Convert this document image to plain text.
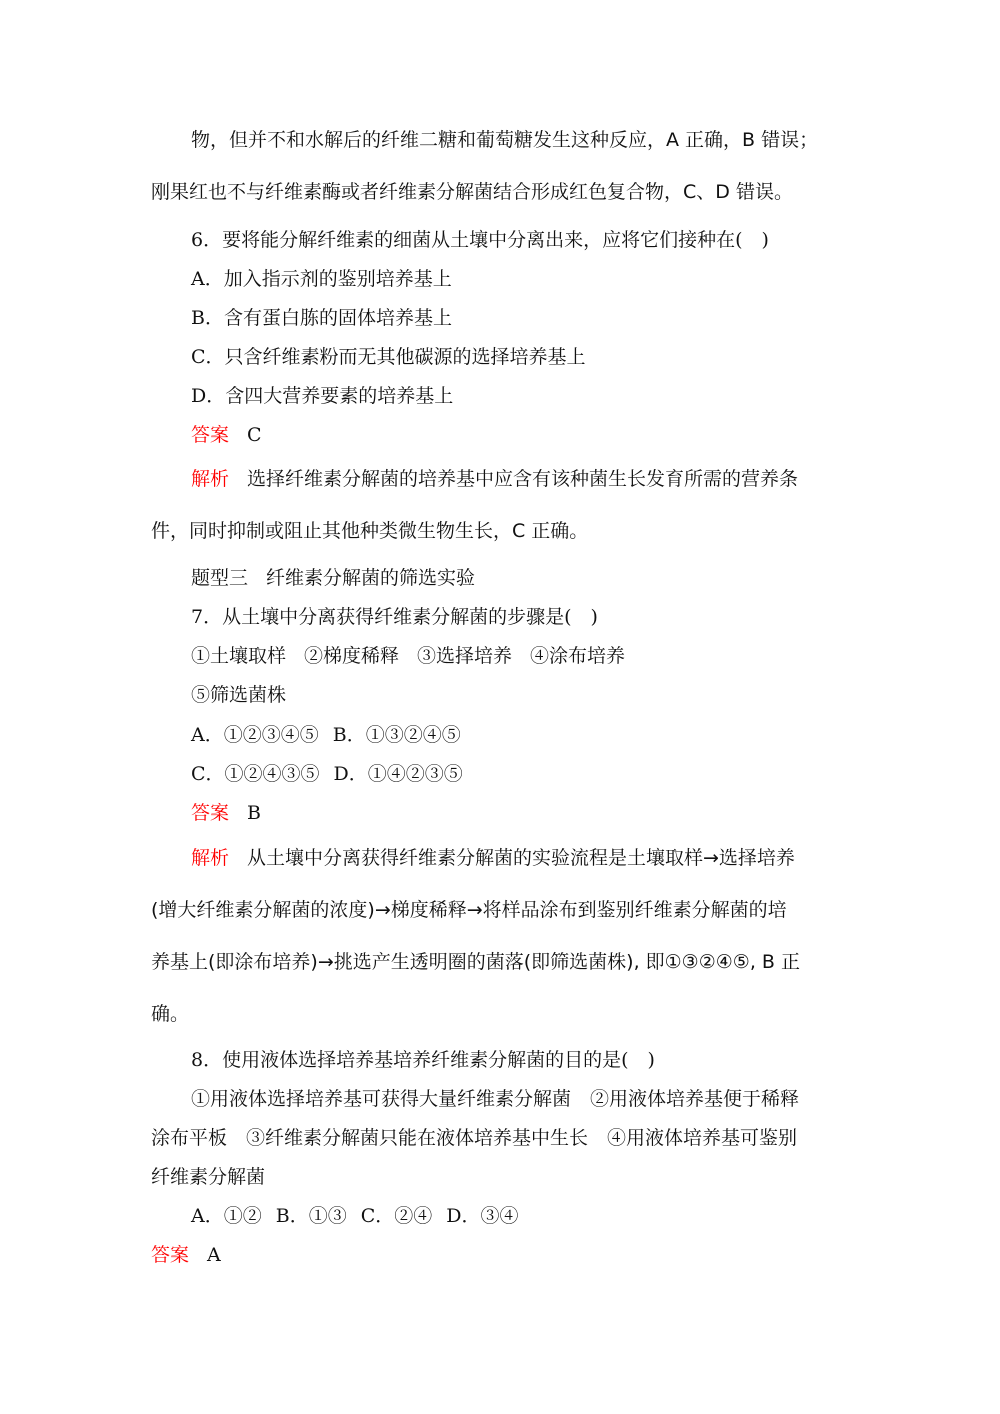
物，但并不和水解后的纤维二糖和葡萄糖发生这种反应，A 正确，B 错误；
刚果红也不与纤维素酶或者纤维素分解菌结合形成红色复合物，C、D 错误。
6．要将能分解纤维素的细菌从土壤中分离出来，应将它们接种在(　)
A．加入指示剂的鉴别培养基上
B．含有蛋白胨的固体培养基上
C．只含纤维素粉而无其他碳源的选择培养基上
D．含四大营养要素的培养基上
答案 C
解析 选择纤维素分解菌的培养基中应含有该种菌生长发育所需的营养条
件，同时抑制或阻止其他种类微生物生长，C 正确。
题型三 纤维素分解菌的筛选实验
7．从土壤中分离获得纤维素分解菌的步骤是(　)
①土壤取样 ②梯度稀释 ③选择培养 ④涂布培养
⑤筛选菌株
A．①②③④⑤ B．①③②④⑤
C．①②④③⑤ D．①④②③⑤
答案 B
解析 从土壤中分离获得纤维素分解菌的实验流程是土壤取样→选择培养
(增大纤维素分解菌的浓度)→梯度稀释→将样品涂布到鉴别纤维素分解菌的培
养基上(即涂布培养)→挑选产生透明圈的菌落(即筛选菌株), 即①③②④⑤, B 正
确。
8．使用液体选择培养基培养纤维素分解菌的目的是(　)
①用液体选择培养基可获得大量纤维素分解菌　②用液体培养基便于稀释
涂布平板　③纤维素分解菌只能在液体培养基中生长　④用液体培养基可鉴别
纤维素分解菌
A．①② B．①③ C．②④ D．③④
答案 A
